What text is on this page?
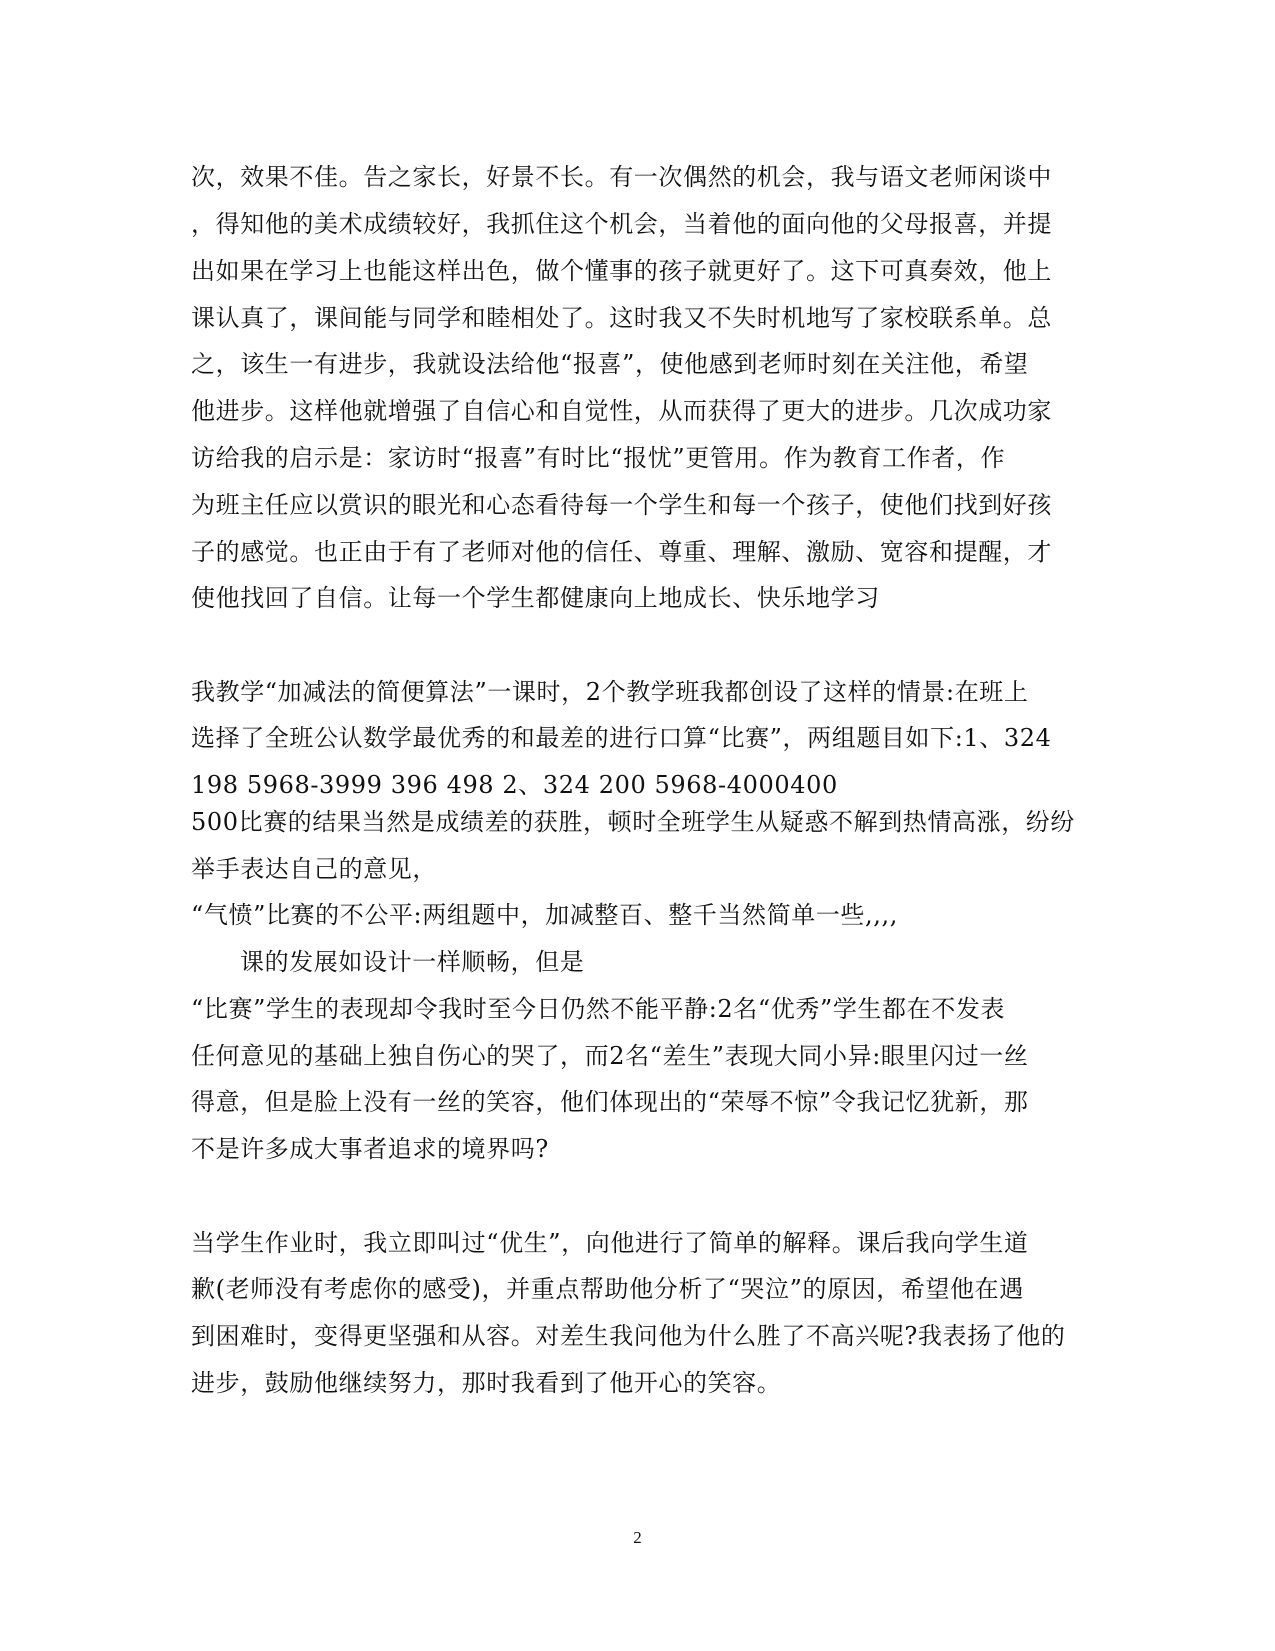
次，效果不佳。告之家长，好景不长。有一次偶然的机会，我与语文老师闲谈中
，得知他的美术成绩较好，我抓住这个机会，当着他的面向他的父母报喜，并提
出如果在学习上也能这样出色，做个懂事的孩子就更好了。这下可真奏效，他上
课认真了，课间能与同学和睦相处了。这时我又不失时机地写了家校联系单。总
之，该生一有进步，我就设法给他“报喜”，使他感到老师时刻在关注他，希望
他进步。这样他就增强了自信心和自觉性，从而获得了更大的进步。几次成功家
访给我的启示是：家访时“报喜”有时比“报忧”更管用。作为教育工作者，作
为班主任应以赏识的眼光和心态看待每一个学生和每一个孩子，使他们找到好孩
子的感觉。也正由于有了老师对他的信任、尊重、理解、激励、宽容和提醒，才
使他找回了自信。让每一个学生都健康向上地成长、快乐地学习
我教学“加减法的简便算法”一课时，2个教学班我都创设了这样的情景:在班上
选择了全班公认数学最优秀的和最差的进行口算“比赛”，两组题目如下:1、324
198 5968-3999 396 498 2、324 200 5968-4000400
500比赛的结果当然是成绩差的获胜，顿时全班学生从疑惑不解到热情高涨，纷纷
举手表达自己的意见，
“气愤”比赛的不公平:两组题中，加减整百、整千当然简单一些,,,,
课的发展如设计一样顺畅，但是
“比赛”学生的表现却令我时至今日仍然不能平静:2名“优秀”学生都在不发表
任何意见的基础上独自伤心的哭了，而2名“差生”表现大同小异:眼里闪过一丝
得意，但是脸上没有一丝的笑容，他们体现出的“荣辱不惊”令我记忆犹新，那
不是许多成大事者追求的境界吗?
当学生作业时，我立即叫过“优生”，向他进行了简单的解释。课后我向学生道
歉(老师没有考虑你的感受)，并重点帮助他分析了“哭泣”的原因，希望他在遇
到困难时，变得更坚强和从容。对差生我问他为什么胜了不高兴呢?我表扬了他的
进步，鼓励他继续努力，那时我看到了他开心的笑容。
2
